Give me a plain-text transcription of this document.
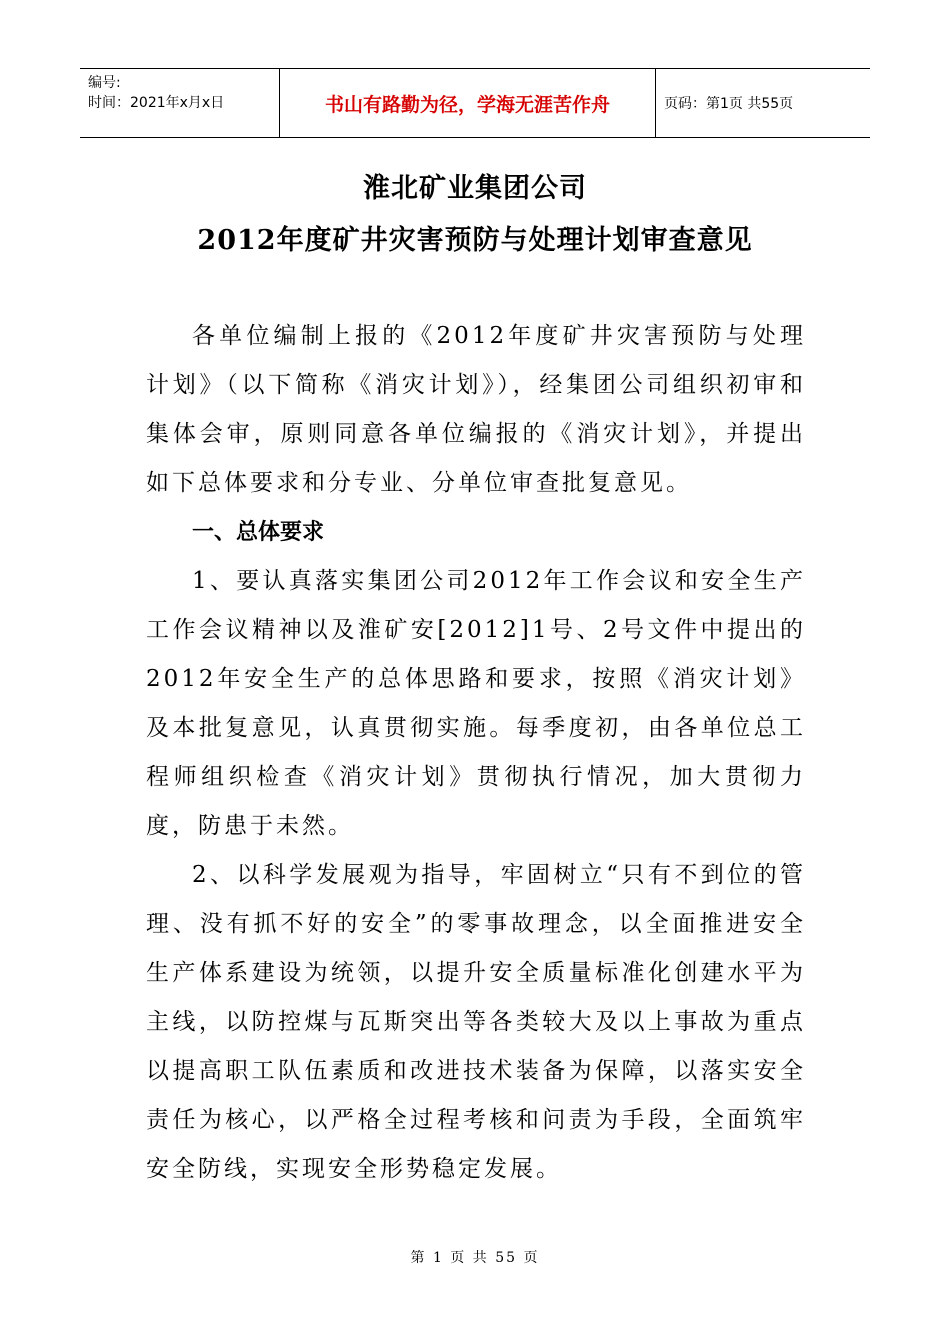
编号:
时间：2021年x月x日	书山有路勤为径，学海无涯苦作舟	页码：第1页 共55页
淮北矿业集团公司
2012年度矿井灾害预防与处理计划审查意见

各单位编制上报的《2012年度矿井灾害预防与处理计划》（以下简称《消灾计划》），经集团公司组织初审和集体会审，原则同意各单位编报的《消灾计划》，并提出如下总体要求和分专业、分单位审查批复意见。

一、总体要求

1、要认真落实集团公司2012年工作会议和安全生产工作会议精神以及淮矿安[2012]1号、2号文件中提出的2012年安全生产的总体思路和要求，按照《消灾计划》及本批复意见，认真贯彻实施。每季度初，由各单位总工程师组织检查《消灾计划》贯彻执行情况，加大贯彻力度，防患于未然。

2、以科学发展观为指导，牢固树立“只有不到位的管理、没有抓不好的安全”的零事故理念，以全面推进安全生产体系建设为统领，以提升安全质量标准化创建水平为主线，以防控煤与瓦斯突出等各类较大及以上事故为重点以提高职工队伍素质和改进技术装备为保障，以落实安全责任为核心，以严格全过程考核和问责为手段，全面筑牢安全防线，实现安全形势稳定发展。

第 1 页 共 55 页
